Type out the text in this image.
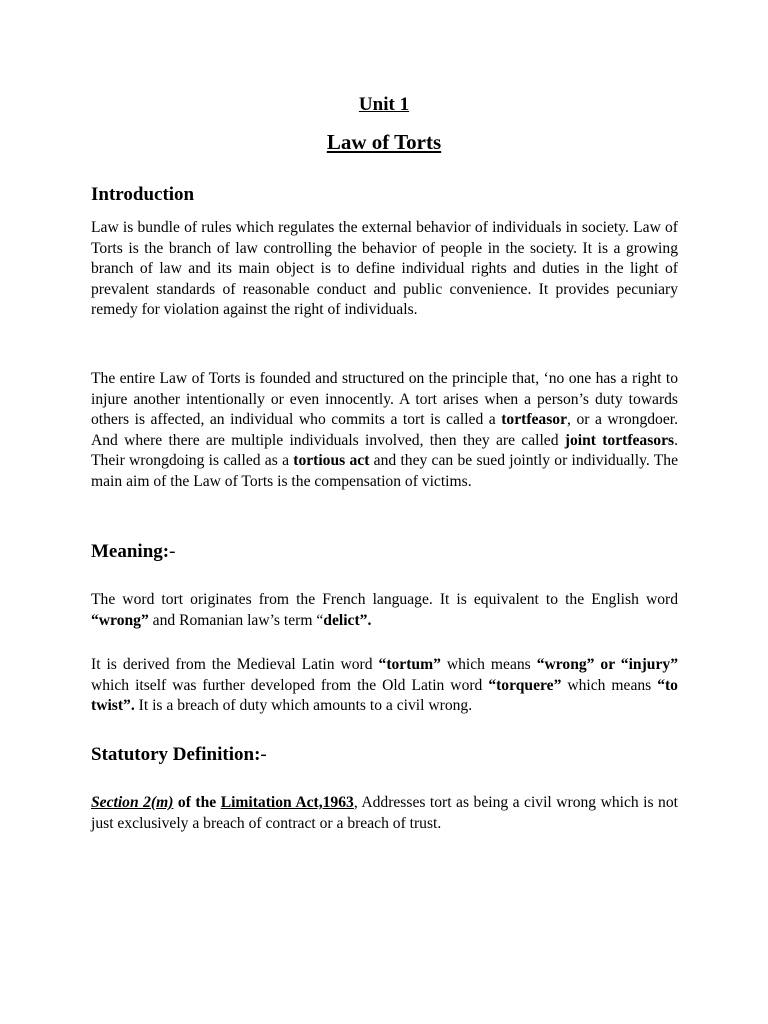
Unit 1
Law of Torts
Introduction

Law is bundle of rules which regulates the external behavior of individuals in society. Law of Torts is the branch of law controlling the behavior of people in the society. It is a growing branch of law and its main object is to define individual rights and duties in the light of prevalent standards of reasonable conduct and public convenience. It provides pecuniary remedy for violation against the right of individuals.

The entire Law of Torts is founded and structured on the principle that, ‘no one has a right to injure another intentionally or even innocently. A tort arises when a person’s duty towards others is affected, an individual who commits a tort is called a tortfeasor, or a wrongdoer. And where there are multiple individuals involved, then they are called joint tortfeasors. Their wrongdoing is called as a tortious act and they can be sued jointly or individually. The main aim of the Law of Torts is the compensation of victims.

Meaning:-

The word tort originates from the French language. It is equivalent to the English word “wrong” and Romanian law’s term “delict”.

It is derived from the Medieval Latin word “tortum” which means “wrong” or “injury” which itself was further developed from the Old Latin word “torquere” which means “to twist”. It is a breach of duty which amounts to a civil wrong.

Statutory Definition:-

Section 2(m) of the Limitation Act,1963, Addresses tort as being a civil wrong which is not just exclusively a breach of contract or a breach of trust.
